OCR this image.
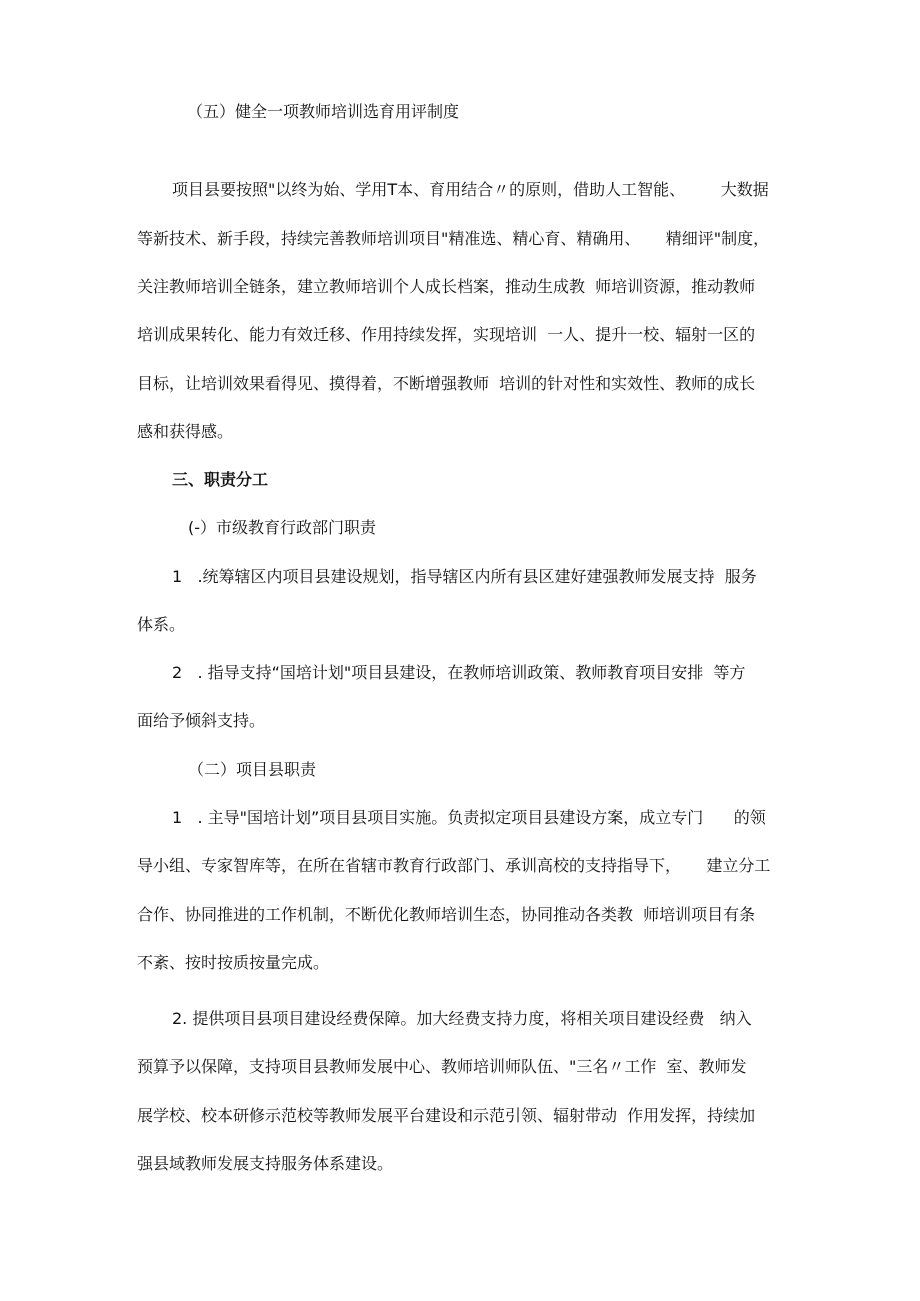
（五）健全一项教师培训选育用评制度

项目县要按照"以终为始、学用T本、育用结合〃的原则，借助人工智能、       大数据

等新技术、新手段，持续完善教师培训项目"精准选、精心育、精确用、     精细评"制度，

关注教师培训全链条，建立教师培训个人成长档案，推动生成教  师培训资源，推动教师

培训成果转化、能力有效迁移、作用持续发挥，实现培训  一人、提升一校、辐射一区的

目标，让培训效果看得见、摸得着，不断增强教师  培训的针对性和实效性、教师的成长

感和获得感。

三、职责分工

(-）市级教育行政部门职责

1   .统筹辖区内项目县建设规划，指导辖区内所有县区建好建强教师发展支持  服务

体系。

2   . 指导支持“国培计划"项目县建设，在教师培训政策、教师教育项目安排  等方

面给予倾斜支持。

（二）项目县职责

1   . 主导"国培计划”项目县项目实施。负责拟定项目县建设方案，成立专门      的领

导小组、专家智库等，在所在省辖市教育行政部门、承训高校的支持指导下，     建立分工

合作、协同推进的工作机制，不断优化教师培训生态，协同推动各类教  师培训项目有条

不紊、按时按质按量完成。

2. 提供项目县项目建设经费保障。加大经费支持力度，将相关项目建设经费   纳入

预算予以保障，支持项目县教师发展中心、教师培训师队伍、"三名〃工作  室、教师发

展学校、校本研修示范校等教师发展平台建设和示范引领、辐射带动  作用发挥，持续加

强县域教师发展支持服务体系建设。
